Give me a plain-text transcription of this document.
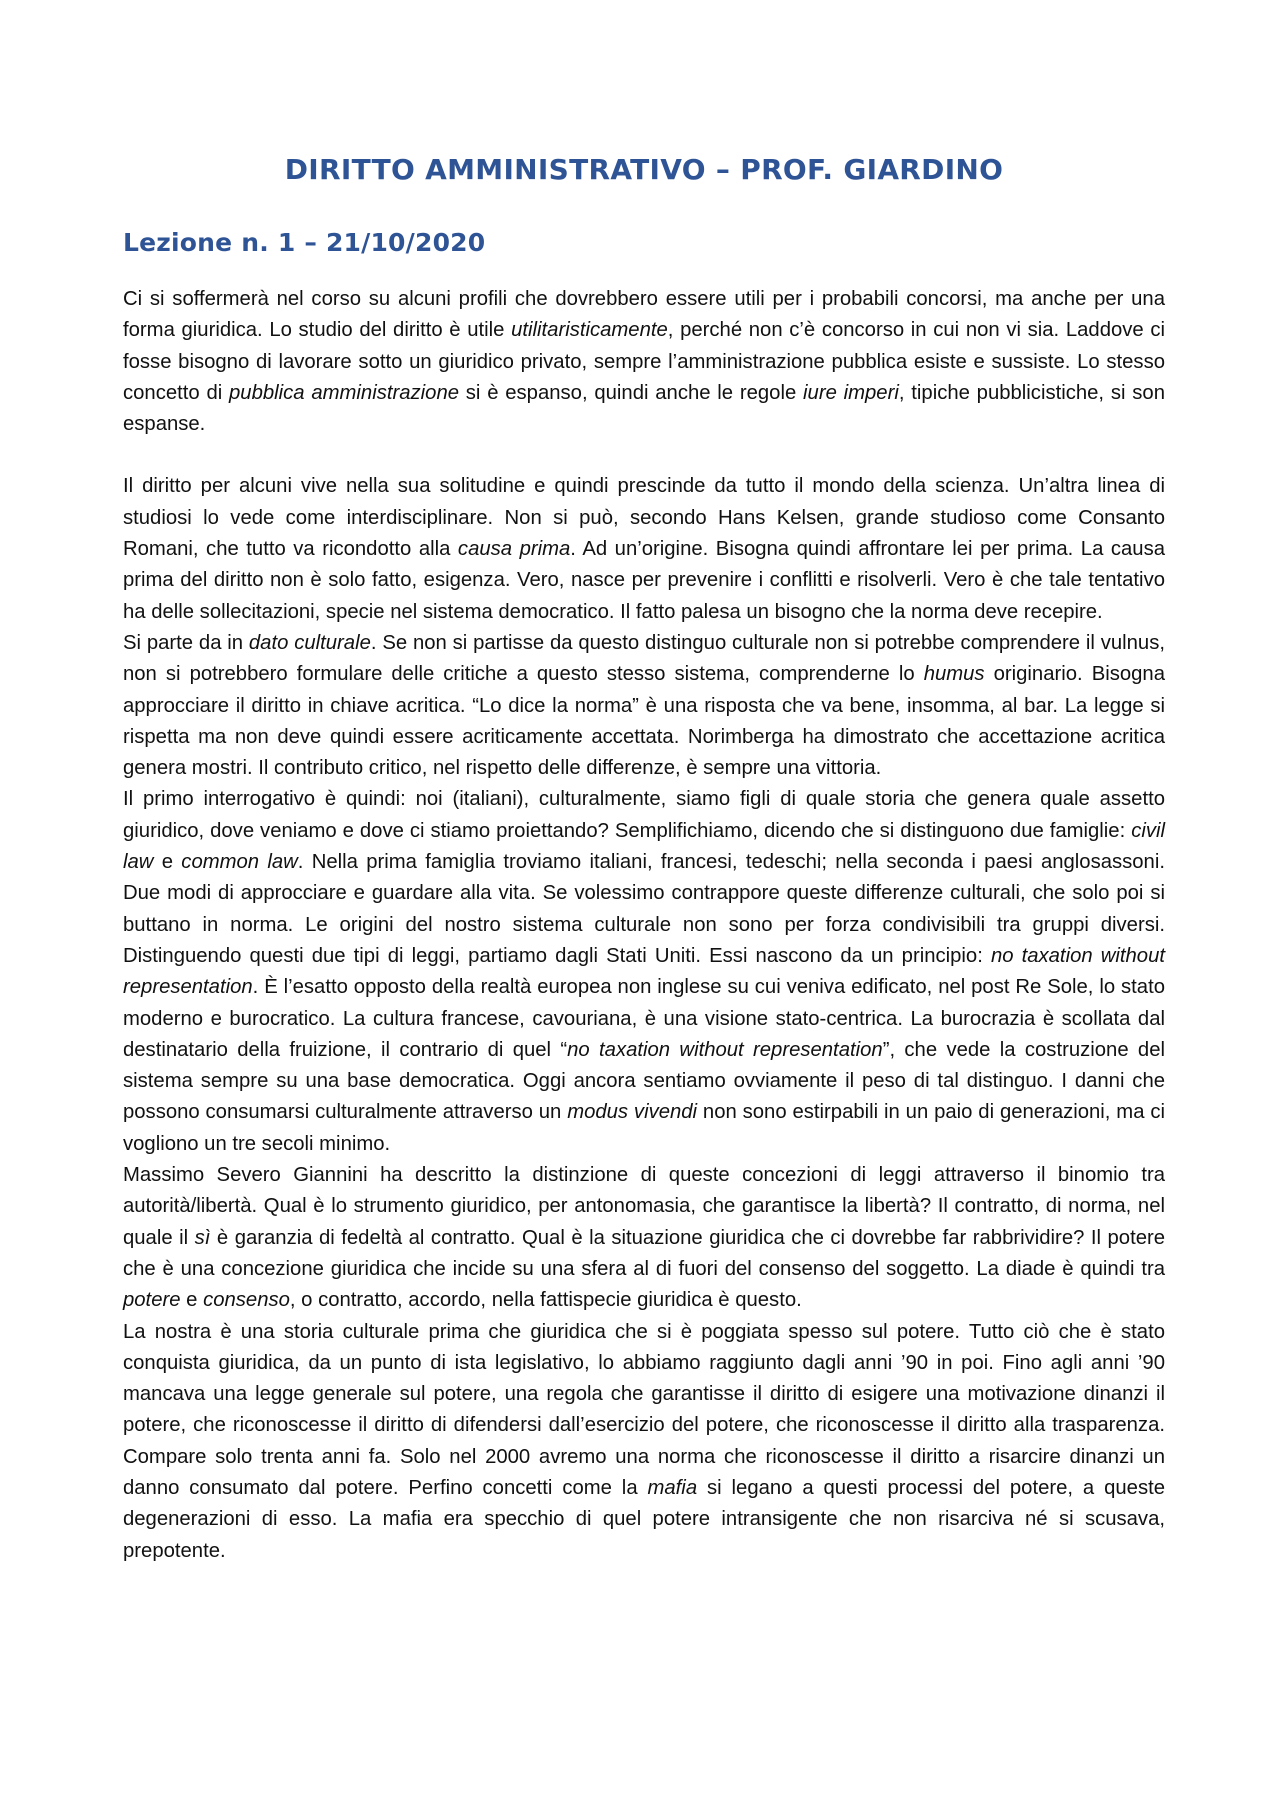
DIRITTO AMMINISTRATIVO – PROF. GIARDINO
Lezione n. 1 – 21/10/2020

Ci si soffermerà nel corso su alcuni profili che dovrebbero essere utili per i probabili concorsi, ma anche per una forma giuridica. Lo studio del diritto è utile utilitaristicamente, perché non c’è concorso in cui non vi sia. Laddove ci fosse bisogno di lavorare sotto un giuridico privato, sempre l’amministrazione pubblica esiste e sussiste. Lo stesso concetto di pubblica amministrazione si è espanso, quindi anche le regole iure imperi, tipiche pubblicistiche, si son espanse.

Il diritto per alcuni vive nella sua solitudine e quindi prescinde da tutto il mondo della scienza. Un’altra linea di studiosi lo vede come interdisciplinare. Non si può, secondo Hans Kelsen, grande studioso come Consanto Romani, che tutto va ricondotto alla causa prima. Ad un’origine. Bisogna quindi affrontare lei per prima. La causa prima del diritto non è solo fatto, esigenza. Vero, nasce per prevenire i conflitti e risolverli. Vero è che tale tentativo ha delle sollecitazioni, specie nel sistema democratico. Il fatto palesa un bisogno che la norma deve recepire.

Si parte da in dato culturale. Se non si partisse da questo distinguo culturale non si potrebbe comprendere il vulnus, non si potrebbero formulare delle critiche a questo stesso sistema, comprenderne lo humus originario. Bisogna approcciare il diritto in chiave acritica. “Lo dice la norma” è una risposta che va bene, insomma, al bar. La legge si rispetta ma non deve quindi essere acriticamente accettata. Norimberga ha dimostrato che accettazione acritica genera mostri. Il contributo critico, nel rispetto delle differenze, è sempre una vittoria.

Il primo interrogativo è quindi: noi (italiani), culturalmente, siamo figli di quale storia che genera quale assetto giuridico, dove veniamo e dove ci stiamo proiettando? Semplifichiamo, dicendo che si distinguono due famiglie: civil law e common law. Nella prima famiglia troviamo italiani, francesi, tedeschi; nella seconda i paesi anglosassoni. Due modi di approcciare e guardare alla vita. Se volessimo contrappore queste differenze culturali, che solo poi si buttano in norma. Le origini del nostro sistema culturale non sono per forza condivisibili tra gruppi diversi. Distinguendo questi due tipi di leggi, partiamo dagli Stati Uniti. Essi nascono da un principio: no taxation without representation. È l’esatto opposto della realtà europea non inglese su cui veniva edificato, nel post Re Sole, lo stato moderno e burocratico. La cultura francese, cavouriana, è una visione stato-centrica. La burocrazia è scollata dal destinatario della fruizione, il contrario di quel “no taxation without representation”, che vede la costruzione del sistema sempre su una base democratica. Oggi ancora sentiamo ovviamente il peso di tal distinguo. I danni che possono consumarsi culturalmente attraverso un modus vivendi non sono estirpabili in un paio di generazioni, ma ci vogliono un tre secoli minimo.

Massimo Severo Giannini ha descritto la distinzione di queste concezioni di leggi attraverso il binomio tra autorità/libertà. Qual è lo strumento giuridico, per antonomasia, che garantisce la libertà? Il contratto, di norma, nel quale il sì è garanzia di fedeltà al contratto. Qual è la situazione giuridica che ci dovrebbe far rabbrividire? Il potere che è una concezione giuridica che incide su una sfera al di fuori del consenso del soggetto. La diade è quindi tra potere e consenso, o contratto, accordo, nella fattispecie giuridica è questo.

La nostra è una storia culturale prima che giuridica che si è poggiata spesso sul potere. Tutto ciò che è stato conquista giuridica, da un punto di ista legislativo, lo abbiamo raggiunto dagli anni ’90 in poi. Fino agli anni ’90 mancava una legge generale sul potere, una regola che garantisse il diritto di esigere una motivazione dinanzi il potere, che riconoscesse il diritto di difendersi dall’esercizio del potere, che riconoscesse il diritto alla trasparenza. Compare solo trenta anni fa. Solo nel 2000 avremo una norma che riconoscesse il diritto a risarcire dinanzi un danno consumato dal potere. Perfino concetti come la mafia si legano a questi processi del potere, a queste degenerazioni di esso. La mafia era specchio di quel potere intransigente che non risarciva né si scusava, prepotente.
